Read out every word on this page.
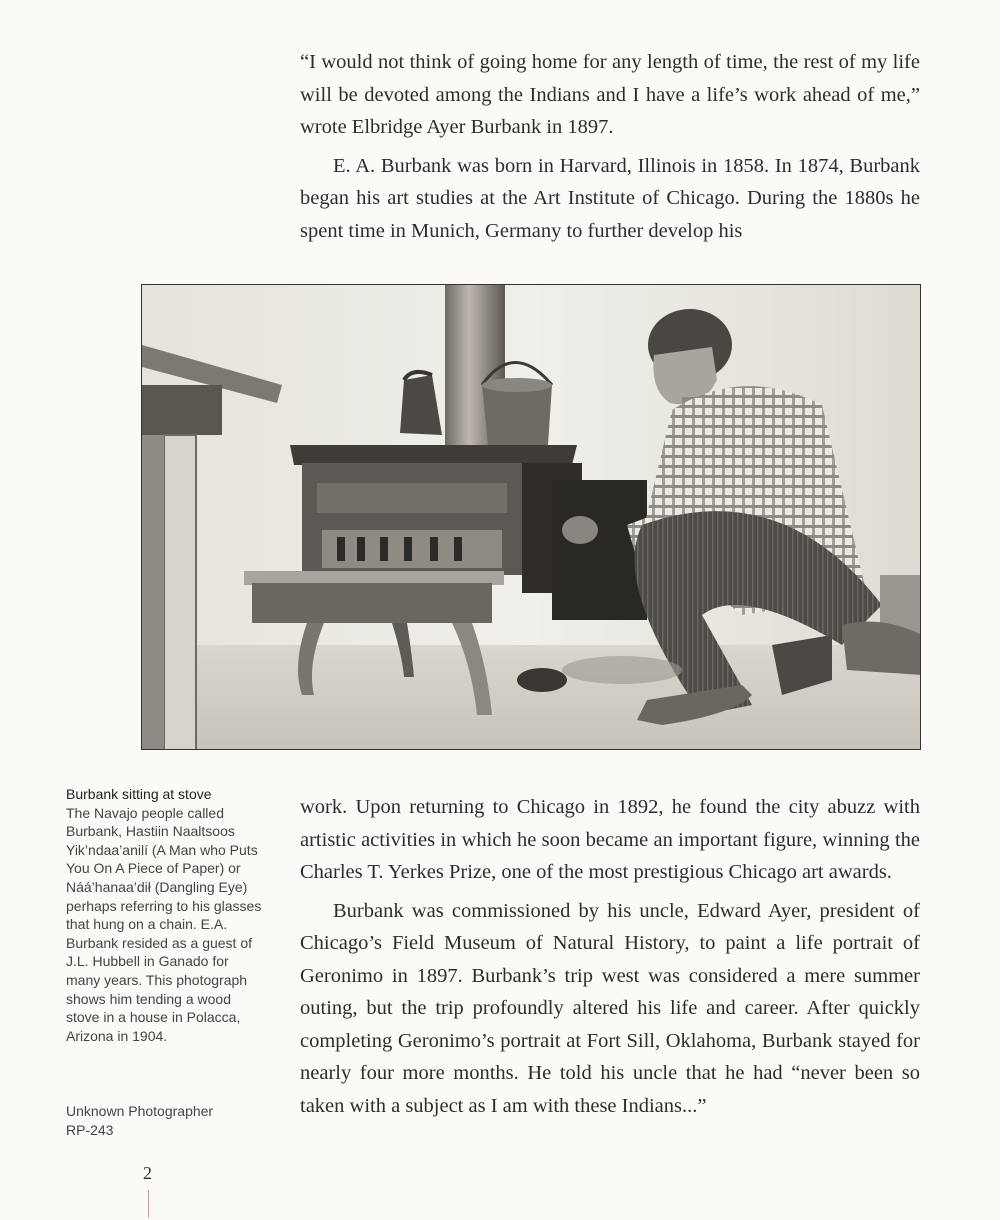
“I would not think of going home for any length of time, the rest of my life will be devoted among the Indians and I have a life’s work ahead of me,” wrote Elbridge Ayer Burbank in 1897.

E. A. Burbank was born in Harvard, Illinois in 1858. In 1874, Burbank began his art studies at the Art Institute of Chicago. During the 1880s he spent time in Munich, Germany to further develop his

Burbank sitting at stove
The Navajo people called Burbank, Hastiin Naaltsoos Yik’ndaa’anilí (A Man who Puts You On A Piece of Paper) or Náá’hanaa’dił (Dangling Eye) perhaps referring to his glasses that hung on a chain. E.A. Burbank resided as a guest of J.L. Hubbell in Ganado for many years. This photograph shows him tending a wood stove in a house in Polacca, Arizona in 1904.
Unknown Photographer
RP-243

work. Upon returning to Chicago in 1892, he found the city abuzz with artistic activities in which he soon became an important figure, winning the Charles T. Yerkes Prize, one of the most prestigious Chicago art awards.

Burbank was commissioned by his uncle, Edward Ayer, president of Chicago’s Field Museum of Natural History, to paint a life portrait of Geronimo in 1897. Burbank’s trip west was considered a mere summer outing, but the trip profoundly altered his life and career. After quickly completing Geronimo’s portrait at Fort Sill, Oklahoma, Burbank stayed for nearly four more months. He told his uncle that he had “never been so taken with a subject as I am with these Indians...”

2
